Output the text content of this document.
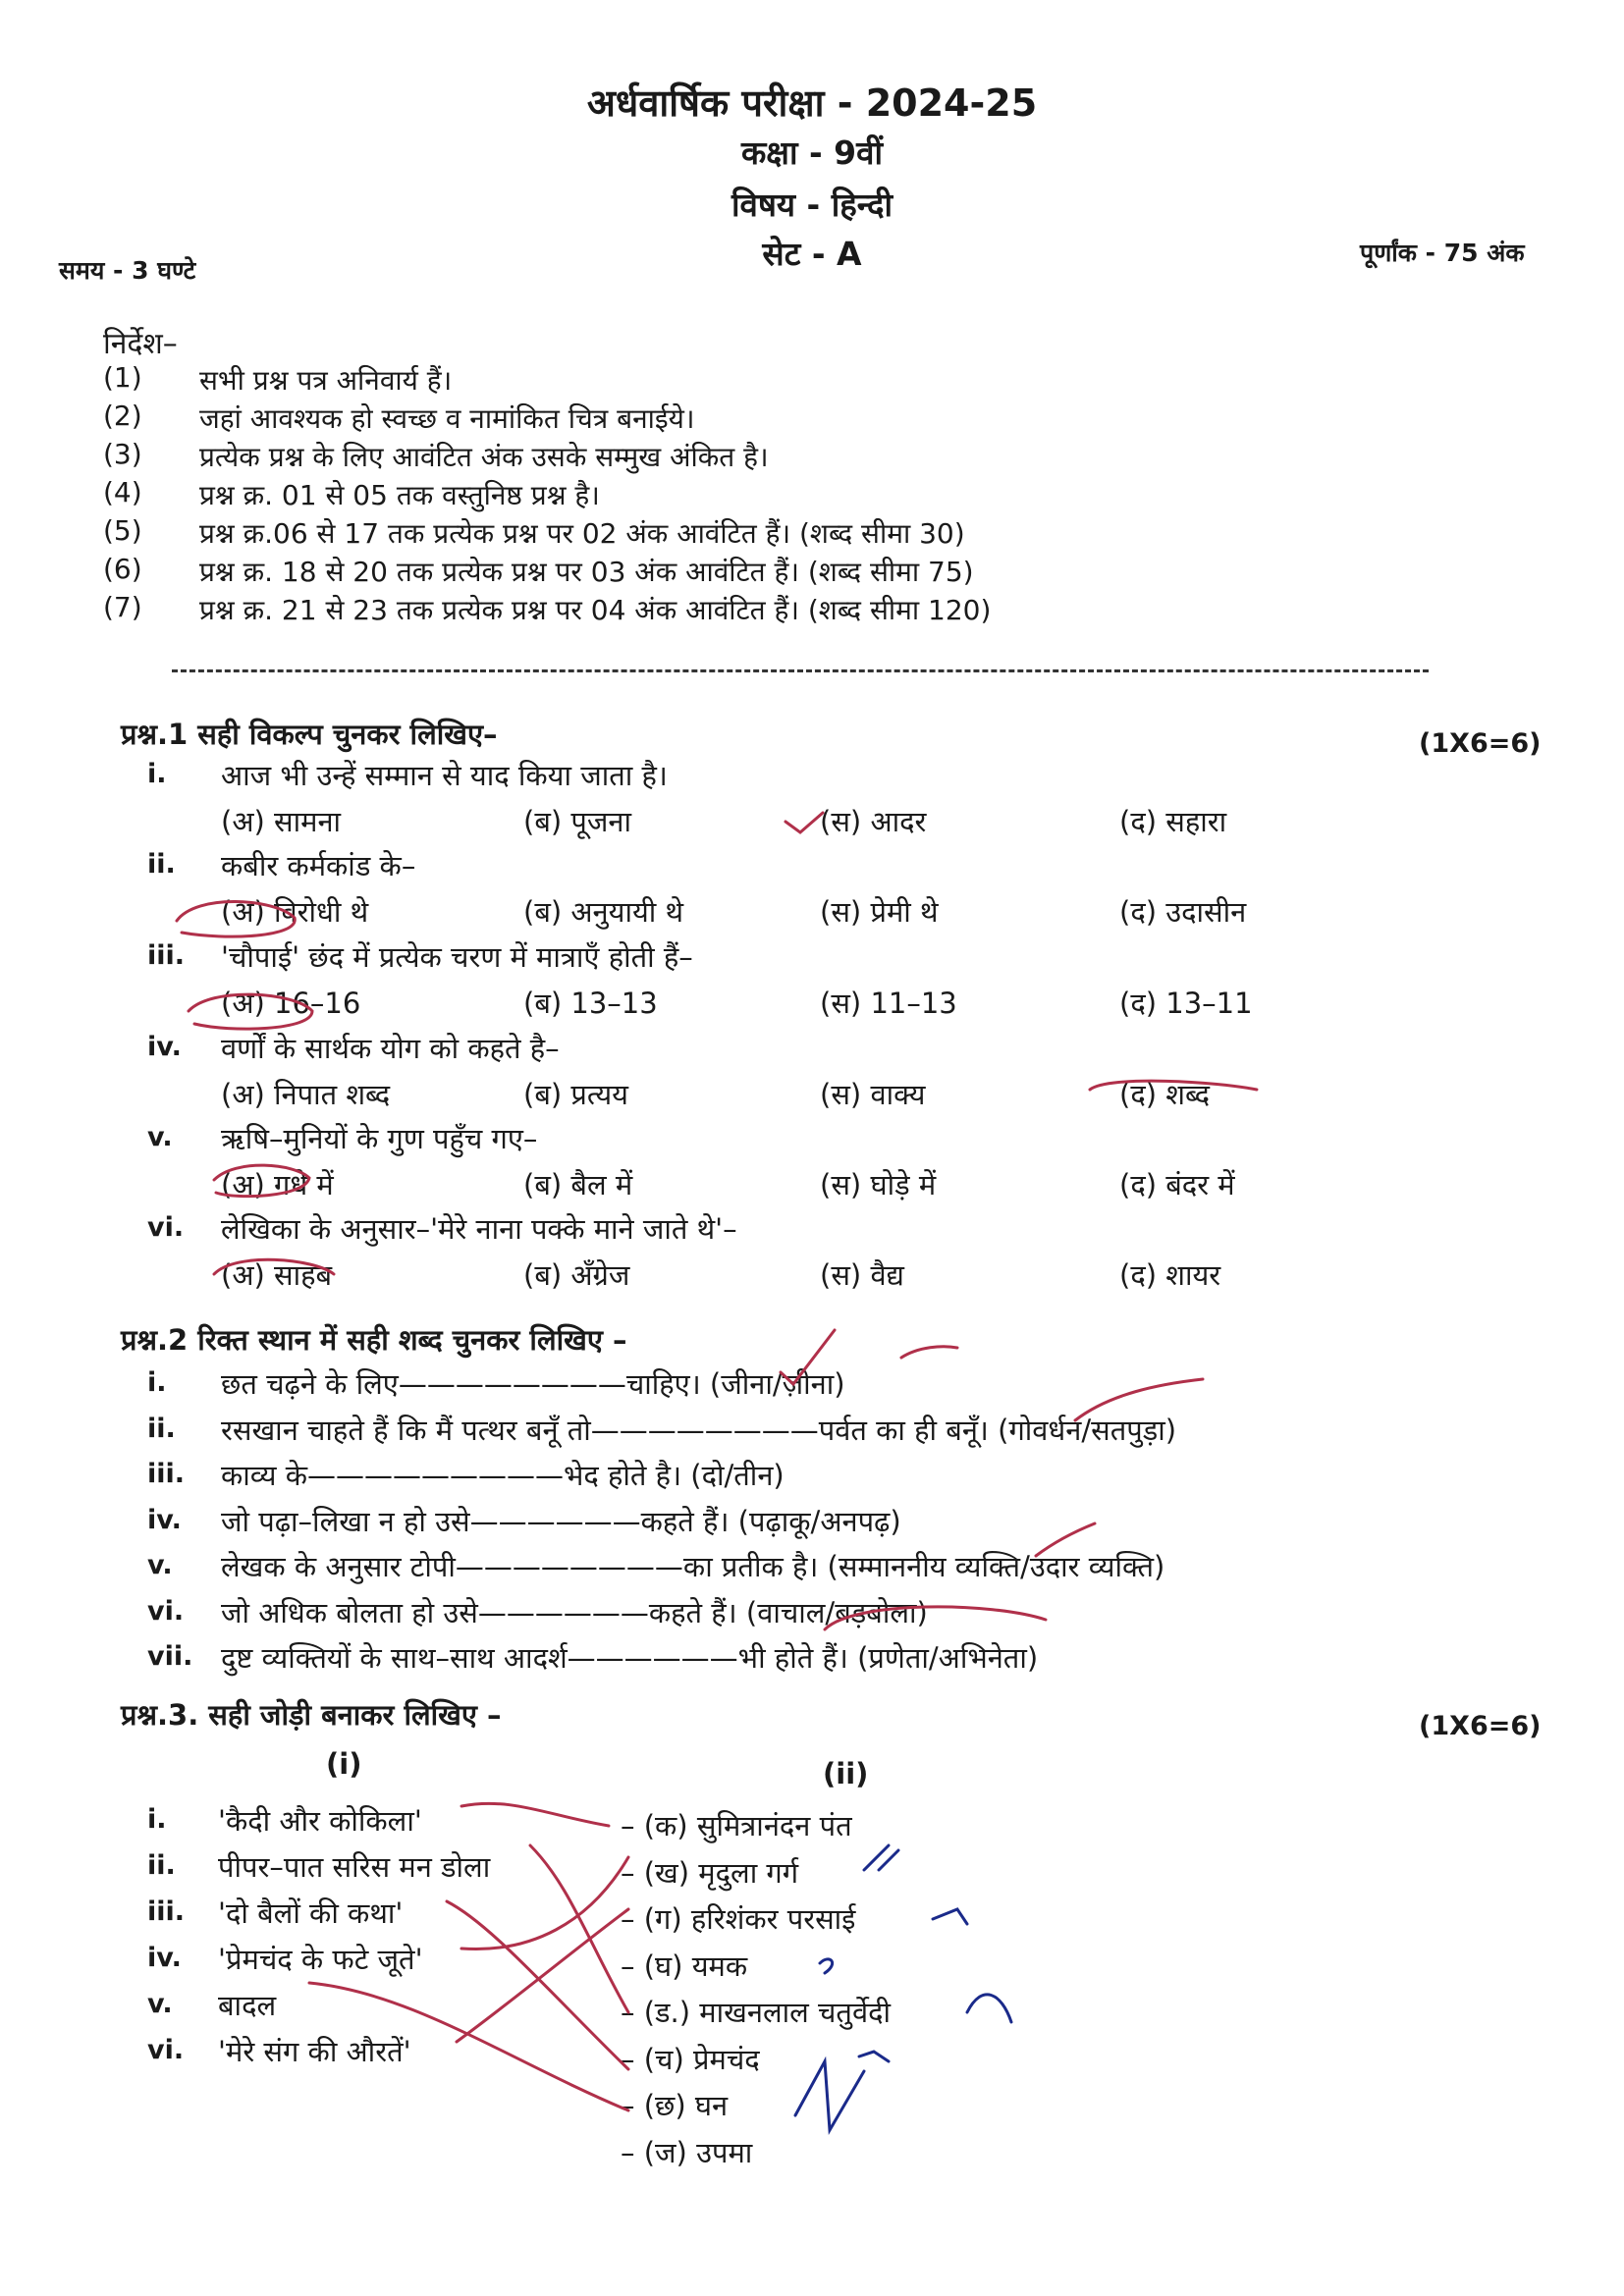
अर्धवार्षिक परीक्षा - 2024-25
कक्षा - 9वीं
विषय - हिन्दी
सेट - A
समय - 3 घण्टे
पूर्णांक - 75 अंक
निर्देश–
(1) सभी प्रश्न पत्र अनिवार्य हैं।
(2) जहां आवश्यक हो स्वच्छ व नामांकित चित्र बनाईये।
(3) प्रत्येक प्रश्न के लिए आवंटित अंक उसके सम्मुख अंकित है।
(4) प्रश्न क्र. 01 से 05 तक वस्तुनिष्ठ प्रश्न है।
(5) प्रश्न क्र.06 से 17 तक प्रत्येक प्रश्न पर 02 अंक आवंटित हैं। (शब्द सीमा 30)
(6) प्रश्न क्र. 18 से 20 तक प्रत्येक प्रश्न पर 03 अंक आवंटित हैं। (शब्द सीमा 75)
(7) प्रश्न क्र. 21 से 23 तक प्रत्येक प्रश्न पर 04 अंक आवंटित हैं। (शब्द सीमा 120)
प्रश्न.1 सही विकल्प चुनकर लिखिए–	(1X6=6)
i.	आज भी उन्हें सम्मान से याद किया जाता है।
(अ) सामना	(ब) पूजना	(स) आदर	(द) सहारा
ii.	कबीर कर्मकांड के–
(अ) विरोधी थे	(ब) अनुयायी थे	(स) प्रेमी थे	(द) उदासीन
iii.	'चौपाई' छंद में प्रत्येक चरण में मात्राएँ होती हैं–
(अ) 16–16	(ब) 13–13	(स) 11–13	(द) 13–11
iv.	वर्णों के सार्थक योग को कहते है–
(अ) निपात शब्द	(ब) प्रत्यय	(स) वाक्य	(द) शब्द
v.	ऋषि–मुनियों के गुण पहुँच गए–
(अ) गधे में	(ब) बैल में	(स) घोड़े में	(द) बंदर में
vi.	लेखिका के अनुसार–'मेरे नाना पक्के माने जाते थे'–
(अ) साहब	(ब) अँग्रेज	(स) वैद्य	(द) शायर
प्रश्न.2 रिक्त स्थान में सही शब्द चुनकर लिखिए –
i.	छत चढ़ने के लिए————————चाहिए। (जीना/ज़ीना)
ii.	रसखान चाहते हैं कि मैं पत्थर बनूँ तो————————पर्वत का ही बनूँ। (गोवर्धन/सतपुड़ा)
iii.	काव्य के—————————भेद होते है। (दो/तीन)
iv.	जो पढ़ा–लिखा न हो उसे——————कहते हैं। (पढ़ाकू/अनपढ़)
v.	लेखक के अनुसार टोपी————————का प्रतीक है। (सम्माननीय व्यक्ति/उदार व्यक्ति)
vi.	जो अधिक बोलता हो उसे——————कहते हैं। (वाचाल/बड़बोला)
vii. दुष्ट व्यक्तियों के साथ–साथ आदर्श——————भी होते हैं। (प्रणेता/अभिनेता)
प्रश्न.3. सही जोड़ी बनाकर लिखिए –	(1X6=6)
(i)	(ii)
i.	'कैदी और कोकिला'
ii.	पीपर–पात सरिस मन डोला
iii.	'दो बैलों की कथा'
iv.	'प्रेमचंद के फटे जूते'
v.	बादल
vi.	'मेरे संग की औरतें'
– (क) सुमित्रानंदन पंत
– (ख) मृदुला गर्ग
– (ग) हरिशंकर परसाई
– (घ) यमक
– (ड.) माखनलाल चतुर्वेदी
– (च) प्रेमचंद
– (छ) घन
– (ज) उपमा
